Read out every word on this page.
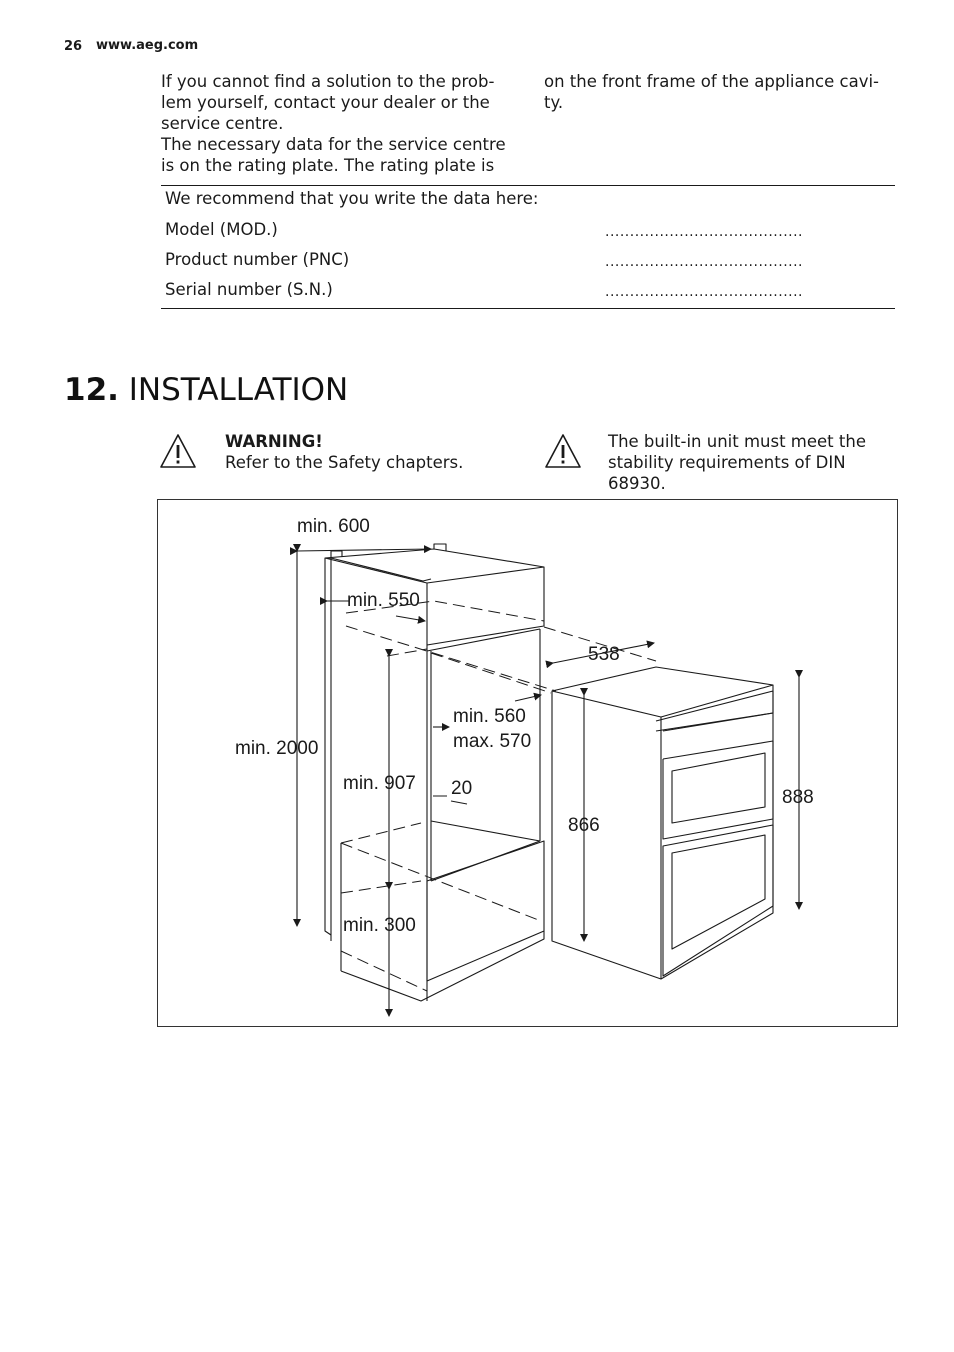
26 www.aeg.com
If you cannot find a solution to the prob-
lem yourself, contact your dealer or the
service centre.
The necessary data for the service centre
is on the rating plate. The rating plate is
on the front frame of the appliance cavi-
ty.
We recommend that you write the data here:
Model (MOD.)	........................................
Product number (PNC)	........................................
Serial number (S.N.)	........................................
12. INSTALLATION
WARNING!
Refer to the Safety chapters.
The built-in unit must meet the
stability requirements of DIN
68930.
min. 600
min. 550
538
min. 560
max. 570
min. 2000
min. 907 20
866
888
min. 300
